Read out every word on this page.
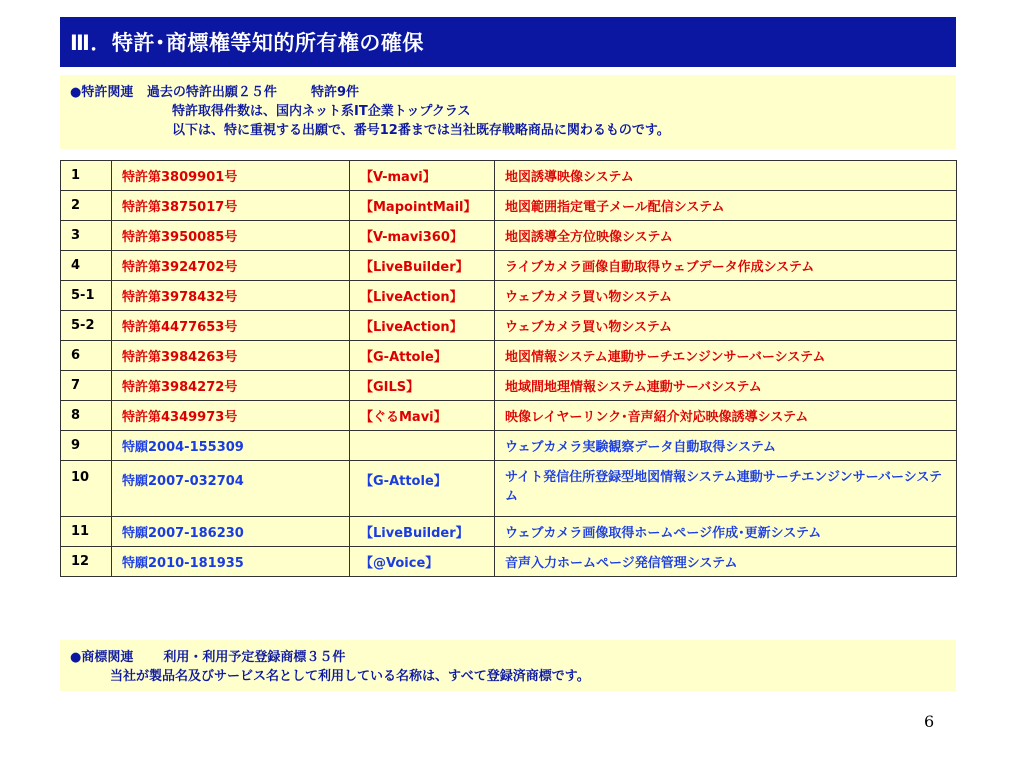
Ⅲ．特許･商標権等知的所有権の確保
●特許関連 過去の特許出願２５件	特許9件
特許取得件数は、国内ネット系IT企業トップクラス
以下は、特に重視する出願で、番号12番までは当社既存戦略商品に関わるものです。
1	特許第3809901号	【V-mavi】	地図誘導映像システム
2	特許第3875017号	【MapointMail】	地図範囲指定電子メール配信システム
3	特許第3950085号	【V-mavi360】	地図誘導全方位映像システム
4	特許第3924702号	【LiveBuilder】	ライブカメラ画像自動取得ウェブデータ作成システム
5-1	特許第3978432号	【LiveAction】	ウェブカメラ買い物システム
5-2	特許第4477653号	【LiveAction】	ウェブカメラ買い物システム
6	特許第3984263号	【G-Attole】	地図情報システム連動サーチエンジンサーバーシステム
7	特許第3984272号	【GILS】	地域間地理情報システム連動サーバシステム
8	特許第4349973号	【ぐるMavi】	映像レイヤーリンク･音声紹介対応映像誘導システム
9	特願2004-155309		ウェブカメラ実験観察データ自動取得システム
10	特願2007-032704	【G-Attole】	サイト発信住所登録型地図情報システム連動サーチエンジンサーバーシステム
11	特願2007-186230	【LiveBuilder】	ウェブカメラ画像取得ホームページ作成･更新システム
12	特願2010-181935	【@Voice】	音声入力ホームページ発信管理システム
●商標関連 利用・利用予定登録商標３５件
当社が製品名及びサービス名として利用している名称は、すべて登録済商標です。
6
